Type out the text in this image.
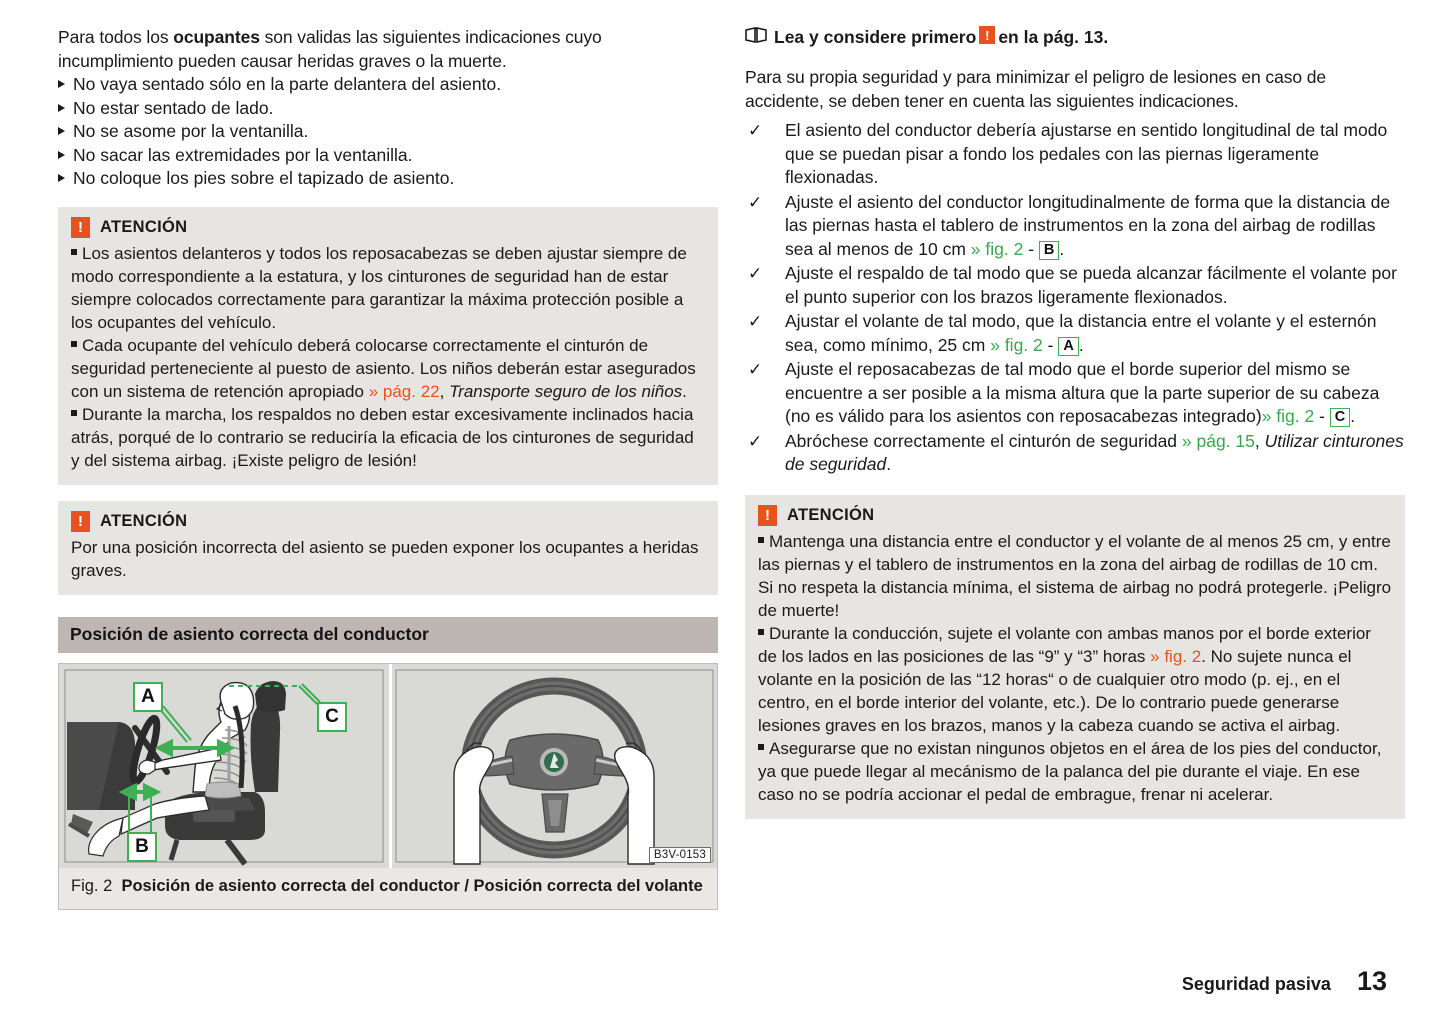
Para todos los ocupantes son validas las siguientes indicaciones cuyo incumplimiento pueden causar heridas graves o la muerte.

No vaya sentado sólo en la parte delantera del asiento.
No estar sentado de lado.
No se asome por la ventanilla.
No sacar las extremidades por la ventanilla.
No coloque los pies sobre el tapizado de asiento.
!	ATENCIÓN

Los asientos delanteros y todos los reposacabezas se deben ajustar siempre de modo correspondiente a la estatura, y los cinturones de seguridad han de estar siempre colocados correctamente para garantizar la máxima protección posible a los ocupantes del vehículo.

Cada ocupante del vehículo deberá colocarse correctamente el cinturón de seguridad perteneciente al puesto de asiento. Los niños deberán estar asegurados con un sistema de retención apropiado » pág. 22, Transporte seguro de los niños.

Durante la marcha, los respaldos no deben estar excesivamente inclinados hacia atrás, porqué de lo contrario se reduciría la eficacia de los cinturones de seguridad y del sistema airbag. ¡Existe peligro de lesión!

!	ATENCIÓN

Por una posición incorrecta del asiento se pueden exponer los ocupantes a heridas graves.

Posición de asiento correcta del conductor
A
B
C
B3V-0153
Fig. 2 Posición de asiento correcta del conductor / Posición correcta del volante
Lea y considere primero ! en la pág. 13.

Para su propia seguridad y para minimizar el peligro de lesiones en caso de accidente, se deben tener en cuenta las siguientes indicaciones.

✓ El asiento del conductor debería ajustarse en sentido longitudinal de tal modo que se puedan pisar a fondo los pedales con las piernas ligeramente flexionadas.
✓ Ajuste el asiento del conductor longitudinalmente de forma que la distancia de las piernas hasta el tablero de instrumentos en la zona del airbag de rodillas sea al menos de 10 cm » fig. 2 - B .
✓ Ajuste el respaldo de tal modo que se pueda alcanzar fácilmente el volante por el punto superior con los brazos ligeramente flexionados.
✓ Ajustar el volante de tal modo, que la distancia entre el volante y el esternón sea, como mínimo, 25 cm » fig. 2 - A .
✓ Ajuste el reposacabezas de tal modo que el borde superior del mismo se encuentre a ser posible a la misma altura que la parte superior de su cabeza (no es válido para los asientos con reposacabezas integrado)» fig. 2 - C .
✓ Abróchese correctamente el cinturón de seguridad » pág. 15, Utilizar cinturones de seguridad.
!	ATENCIÓN

Mantenga una distancia entre el conductor y el volante de al menos 25 cm, y entre las piernas y el tablero de instrumentos en la zona del airbag de rodillas de 10 cm. Si no respeta la distancia mínima, el sistema de airbag no podrá protegerle. ¡Peligro de muerte!

Durante la conducción, sujete el volante con ambas manos por el borde exterior de los lados en las posiciones de las “9” y “3” horas » fig. 2. No sujete nunca el volante en la posición de las “12 horas“ o de cualquier otro modo (p. ej., en el centro, en el borde interior del volante, etc.). De lo contrario puede generarse lesiones graves en los brazos, manos y la cabeza cuando se activa el airbag.

Asegurarse que no existan ningunos objetos en el área de los pies del conductor, ya que puede llegar al mecánismo de la palanca del pie durante el viaje. En ese caso no se podría accionar el pedal de embrague, frenar ni acelerar.

Seguridad pasiva 13
